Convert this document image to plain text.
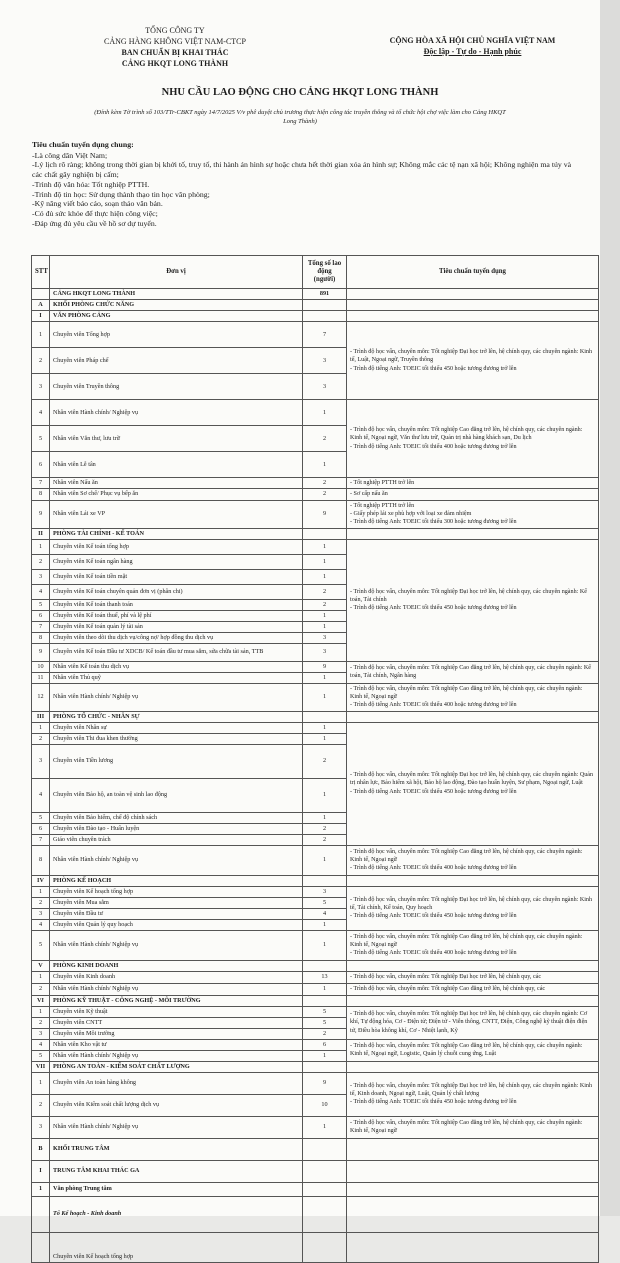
TỔNG CÔNG TY
CẢNG HÀNG KHÔNG VIỆT NAM-CTCP
BAN CHUẨN BỊ KHAI THÁC
CẢNG HKQT LONG THÀNH
CỘNG HÒA XÃ HỘI CHỦ NGHĨA VIỆT NAM
Độc lập - Tự do - Hạnh phúc
NHU CẦU LAO ĐỘNG CHO CẢNG HKQT LONG THÀNH
(Đính kèm Tờ trình số 103/TTr-CBKT ngày 14/7/2025 V/v phê duyệt chủ trương thực hiện công tác truyền thông và tổ chức hội chợ việc làm cho Cảng HKQT Long Thành)
Tiêu chuẩn tuyển dụng chung:
-Là công dân Việt Nam;
-Lý lịch rõ ràng; không trong thời gian bị khởi tố, truy tố, thi hành án hình sự hoặc chưa hết thời gian xóa án hình sự; Không mắc các tệ nạn xã hội; Không nghiện ma túy và các chất gây nghiện bị cấm;
-Trình độ văn hóa: Tốt nghiệp PTTH.
-Trình độ tin học: Sử dụng thành thạo tin học văn phòng;
-Kỹ năng viết báo cáo, soạn thảo văn bản.
-Có đủ sức khỏe để thực hiện công việc;
-Đáp ứng đủ yêu cầu về hồ sơ dự tuyển.
STT	Đơn vị	Tổng số lao động (người)	Tiêu chuẩn tuyển dụng
	CẢNG HKQT LONG THÀNH	891	
A	KHỐI PHÒNG CHỨC NĂNG		
I	VĂN PHÒNG CẢNG		
1	Chuyên viên Tổng hợp	7	- Trình độ học vấn, chuyên môn: Tốt nghiệp Đại học trở lên, hệ chính quy, các chuyên ngành: Kinh tế, Luật, Ngoại ngữ, Truyền thông
- Trình độ tiếng Anh: TOEIC tối thiểu 450 hoặc tương đương trở lên
2	Chuyên viên Pháp chế	3	
3	Chuyên viên Truyền thông	3	
4	Nhân viên Hành chính/ Nghiệp vụ	1	- Trình độ học vấn, chuyên môn: Tốt nghiệp Cao đẳng trở lên, hệ chính quy, các chuyên ngành: Kinh tế, Ngoại ngữ, Văn thư lưu trữ, Quản trị nhà hàng khách sạn, Du lịch
- Trình độ tiếng Anh: TOEIC tối thiểu 400 hoặc tương đương trở lên
5	Nhân viên Văn thư, lưu trữ	2	
6	Nhân viên Lễ tân	1	
7	Nhân viên Nấu ăn	2	- Tốt nghiệp PTTH trở lên
8	Nhân viên Sơ chế/ Phục vụ bếp ăn	2	- Sơ cấp nấu ăn
9	Nhân viên Lái xe VP	9	- Tốt nghiệp PTTH trở lên
- Giấy phép lái xe phù hợp với loại xe đảm nhiệm
- Trình độ tiếng Anh: TOEIC tối thiểu 300 hoặc tương đương trở lên
II	PHÒNG TÀI CHÍNH - KẾ TOÁN		
1	Chuyên viên Kế toán tổng hợp	1	- Trình độ học vấn, chuyên môn: Tốt nghiệp Đại học trở lên, hệ chính quy, các chuyên ngành: Kế toán, Tài chính
- Trình độ tiếng Anh: TOEIC tối thiểu 450 hoặc tương đương trở lên
2	Chuyên viên Kế toán ngân hàng	1	
3	Chuyên viên Kế toán tiền mặt	1	
4	Chuyên viên Kế toán chuyên quản đơn vị (phân chi)	2	
5	Chuyên viên Kế toán thanh toán	2	
6	Chuyên viên Kế toán thuế, phí và lệ phí	1	
7	Chuyên viên Kế toán quản lý tài sản	1	
8	Chuyên viên theo dõi thu dịch vụ/công nợ/ hợp đồng thu dịch vụ	3	
9	Chuyên viên Kế toán Đầu tư XDCB/ Kế toán đầu tư mua sắm, sửa chữa tài sản, TTB	3	
10	Nhân viên Kế toán thu dịch vụ	9	- Trình độ học vấn, chuyên môn: Tốt nghiệp Cao đẳng trở lên, hệ chính quy, các chuyên ngành: Kế toán, Tài chính, Ngân hàng
11	Nhân viên Thủ quỹ	1	
12	Nhân viên Hành chính/ Nghiệp vụ	1	- Trình độ học vấn, chuyên môn: Tốt nghiệp Cao đẳng trở lên, hệ chính quy, các chuyên ngành: Kinh tế, Ngoại ngữ
- Trình độ tiếng Anh: TOEIC tối thiểu 400 hoặc tương đương trở lên
III	PHÒNG TỔ CHỨC - NHÂN SỰ		
1	Chuyên viên Nhân sự	1	- Trình độ học vấn, chuyên môn: Tốt nghiệp Đại học trở lên, hệ chính quy, các chuyên ngành: Quản trị nhân lực, Bảo hiểm xã hội, Bảo hộ lao động, Đào tạo huấn luyện, Sư phạm, Ngoại ngữ, Luật
- Trình độ tiếng Anh: TOEIC tối thiểu 450 hoặc tương đương trở lên
2	Chuyên viên Thi đua khen thưởng	1	
3	Chuyên viên Tiền lương	2	
4	Chuyên viên Bảo hộ, an toàn vệ sinh lao động	1	
5	Chuyên viên Bảo hiểm, chế độ chính sách	1	
6	Chuyên viên Đào tạo - Huấn luyện	2	
7	Giáo viên chuyên trách	2	
8	Nhân viên Hành chính/ Nghiệp vụ	1	- Trình độ học vấn, chuyên môn: Tốt nghiệp Cao đẳng trở lên, hệ chính quy, các chuyên ngành: Kinh tế, Ngoại ngữ
- Trình độ tiếng Anh: TOEIC tối thiểu 400 hoặc tương đương trở lên
IV	PHÒNG KẾ HOẠCH		
1	Chuyên viên Kế hoạch tổng hợp	3	- Trình độ học vấn, chuyên môn: Tốt nghiệp Đại học trở lên, hệ chính quy, các chuyên ngành: Kinh tế, Tài chính, Kế toán, Quy hoạch
- Trình độ tiếng Anh: TOEIC tối thiểu 450 hoặc tương đương trở lên
2	Chuyên viên Mua sắm	5	
3	Chuyên viên Đầu tư	4	
4	Chuyên viên Quản lý quy hoạch	1	
5	Nhân viên Hành chính/ Nghiệp vụ	1	- Trình độ học vấn, chuyên môn: Tốt nghiệp Cao đẳng trở lên, hệ chính quy, các chuyên ngành: Kinh tế, Ngoại ngữ
- Trình độ tiếng Anh: TOEIC tối thiểu 400 hoặc tương đương trở lên
V	PHÒNG KINH DOANH		
1	Chuyên viên Kinh doanh	13	- Trình độ học vấn, chuyên môn: Tốt nghiệp Đại học trở lên, hệ chính quy, các
2	Nhân viên Hành chính/ Nghiệp vụ	1	- Trình độ học vấn, chuyên môn: Tốt nghiệp Cao đẳng trở lên, hệ chính quy, các
VI	PHÒNG KỸ THUẬT - CÔNG NGHỆ - MÔI TRƯỜNG		
1	Chuyên viên Kỹ thuật	5	- Trình độ học vấn, chuyên môn: Tốt nghiệp Đại học trở lên, hệ chính quy, các chuyên ngành: Cơ khí, Tự động hóa, Cơ - Điện tử; Điện tử - Viễn thông, CNTT, Điện, Công nghệ kỹ thuật điện điện tử, Điều hòa không khí, Cơ - Nhiệt lạnh, Kỹ
2	Chuyên viên CNTT	5	
3	Chuyên viên Môi trường	2	
4	Nhân viên Kho vật tư	6	- Trình độ học vấn, chuyên môn: Tốt nghiệp Cao đẳng trở lên, hệ chính quy, các chuyên ngành: Kinh tế, Ngoại ngữ, Logistic, Quản lý chuỗi cung ứng, Luật
5	Nhân viên Hành chính/ Nghiệp vụ	1	
VII	PHÒNG AN TOÀN - KIỂM SOÁT CHẤT LƯỢNG		
1	Chuyên viên An toàn hàng không	9	- Trình độ học vấn, chuyên môn: Tốt nghiệp Đại học trở lên, hệ chính quy, các chuyên ngành: Kinh tế, Kinh doanh, Ngoại ngữ, Luật, Quản lý chất lượng
- Trình độ tiếng Anh: TOEIC tối thiểu 450 hoặc tương đương trở lên
2	Chuyên viên Kiểm soát chất lượng dịch vụ	10	
3	Nhân viên Hành chính/ Nghiệp vụ	1	- Trình độ học vấn, chuyên môn: Tốt nghiệp Cao đẳng trở lên, hệ chính quy, các chuyên ngành: Kinh tế, Ngoại ngữ
B	KHỐI TRUNG TÂM		
I	TRUNG TÂM KHAI THÁC GA		
1	Văn phòng Trung tâm		
	Tổ Kế hoạch - Kinh doanh		
	Chuyên viên Kế hoạch tổng hợp		
